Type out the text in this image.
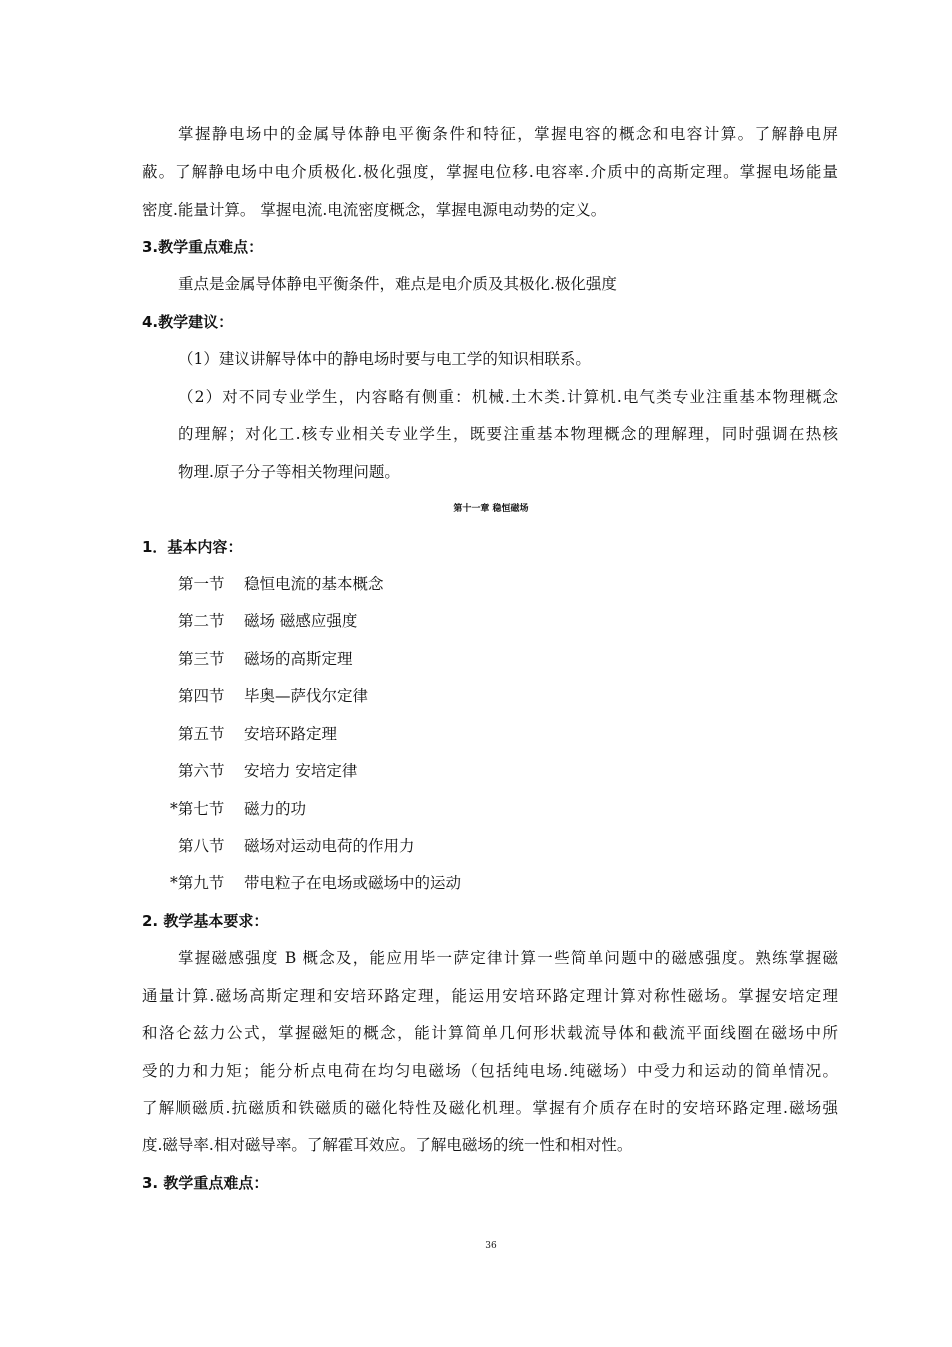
掌握静电场中的金属导体静电平衡条件和特征，掌握电容的概念和电容计算。了解静电屏
蔽。了解静电场中电介质极化.极化强度，掌握电位移.电容率.介质中的高斯定理。掌握电场能量
密度.能量计算。 掌握电流.电流密度概念，掌握电源电动势的定义。
3.教学重点难点：
重点是金属导体静电平衡条件，难点是电介质及其极化.极化强度
4.教学建议：
（1）建议讲解导体中的静电场时要与电工学的知识相联系。
（2）对不同专业学生，内容略有侧重：机械.土木类.计算机.电气类专业注重基本物理概念
的理解；对化工.核专业相关专业学生，既要注重基本物理概念的理解理，同时强调在热核
物理.原子分子等相关物理问题。
第十一章 稳恒磁场
1．基本内容：
第一节 稳恒电流的基本概念
第二节 磁场 磁感应强度
第三节 磁场的高斯定理
第四节 毕奥—萨伐尔定律
第五节 安培环路定理
第六节 安培力 安培定律
*第七节 磁力的功
第八节 磁场对运动电荷的作用力
*第九节 带电粒子在电场或磁场中的运动
2. 教学基本要求：
掌握磁感强度 B 概念及，能应用毕一萨定律计算一些简单问题中的磁感强度。熟练掌握磁
通量计算.磁场高斯定理和安培环路定理，能运用安培环路定理计算对称性磁场。掌握安培定理
和洛仑兹力公式，掌握磁矩的概念，能计算简单几何形状载流导体和截流平面线圈在磁场中所
受的力和力矩；能分析点电荷在均匀电磁场（包括纯电场.纯磁场）中受力和运动的简单情况。
了解顺磁质.抗磁质和铁磁质的磁化特性及磁化机理。掌握有介质存在时的安培环路定理.磁场强
度.磁导率.相对磁导率。了解霍耳效应。了解电磁场的统一性和相对性。
3. 教学重点难点：
36
